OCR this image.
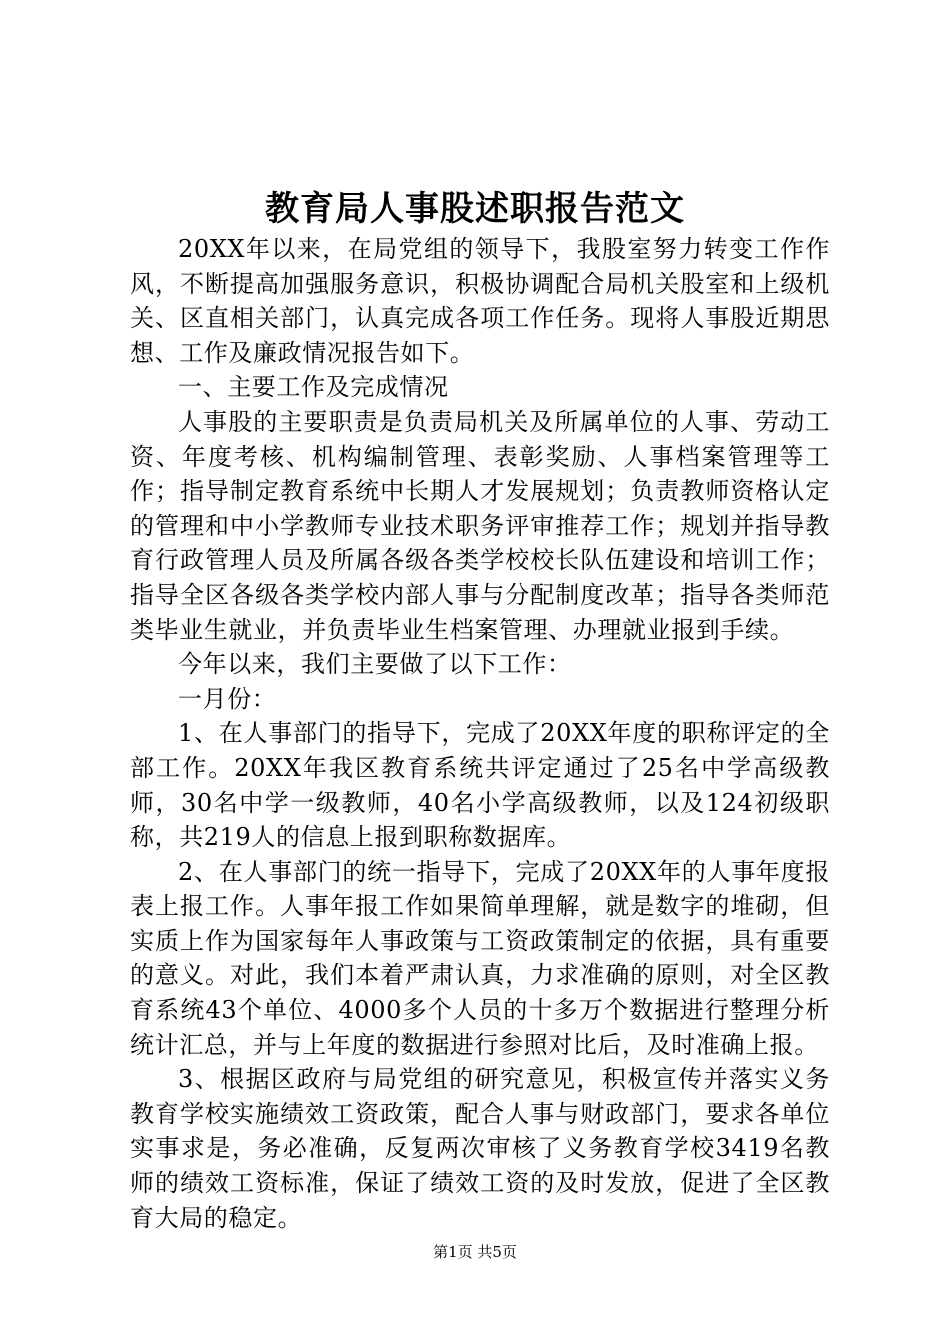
教育局人事股述职报告范文

20XX年以来，在局党组的领导下，我股室努力转变工作作风，不断提高加强服务意识，积极协调配合局机关股室和上级机关、区直相关部门，认真完成各项工作任务。现将人事股近期思想、工作及廉政情况报告如下。

一、主要工作及完成情况

人事股的主要职责是负责局机关及所属单位的人事、劳动工资、年度考核、机构编制管理、表彰奖励、人事档案管理等工作；指导制定教育系统中长期人才发展规划；负责教师资格认定的管理和中小学教师专业技术职务评审推荐工作；规划并指导教育行政管理人员及所属各级各类学校校长队伍建设和培训工作；指导全区各级各类学校内部人事与分配制度改革；指导各类师范类毕业生就业，并负责毕业生档案管理、办理就业报到手续。

今年以来，我们主要做了以下工作：

一月份：

1、在人事部门的指导下，完成了20XX年度的职称评定的全部工作。20XX年我区教育系统共评定通过了25名中学高级教师，30名中学一级教师，40名小学高级教师，以及124初级职称，共219人的信息上报到职称数据库。

2、在人事部门的统一指导下，完成了20XX年的人事年度报表上报工作。人事年报工作如果简单理解，就是数字的堆砌，但实质上作为国家每年人事政策与工资政策制定的依据，具有重要的意义。对此，我们本着严肃认真，力求准确的原则，对全区教育系统43个单位、4000多个人员的十多万个数据进行整理分析统计汇总，并与上年度的数据进行参照对比后，及时准确上报。

3、根据区政府与局党组的研究意见，积极宣传并落实义务教育学校实施绩效工资政策，配合人事与财政部门，要求各单位实事求是，务必准确，反复两次审核了义务教育学校3419名教师的绩效工资标准，保证了绩效工资的及时发放，促进了全区教育大局的稳定。

第1页 共5页
